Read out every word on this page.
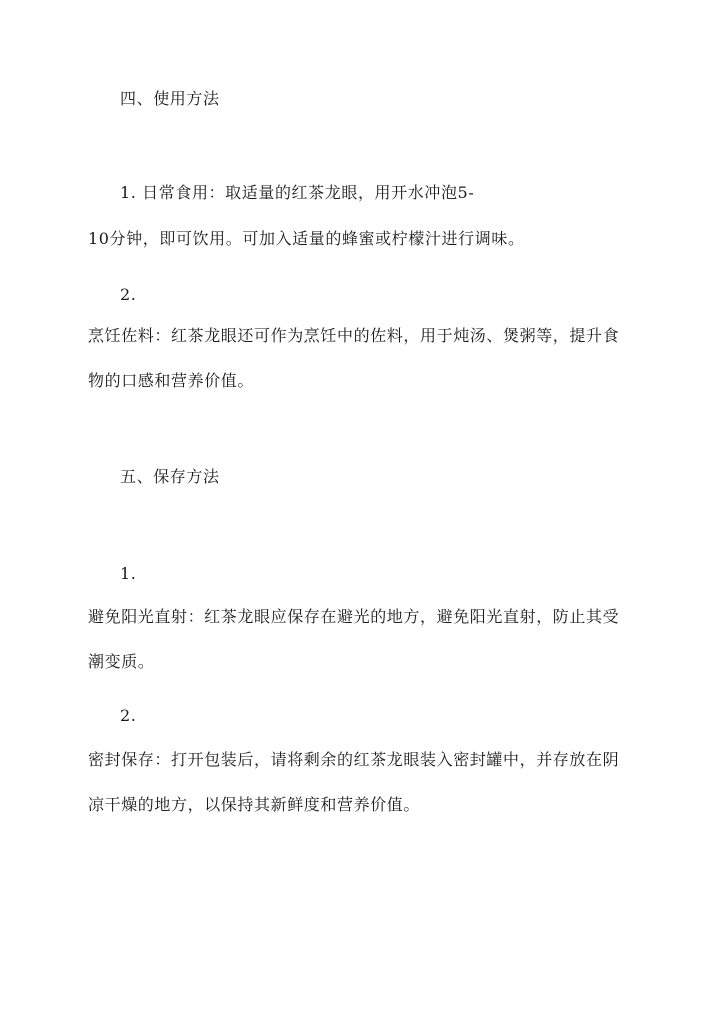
四、使用方法
1. 日常食用：取适量的红茶龙眼，用开水冲泡5-
10分钟，即可饮用。可加入适量的蜂蜜或柠檬汁进行调味。
2.
烹饪佐料：红茶龙眼还可作为烹饪中的佐料，用于炖汤、煲粥等，提升食
物的口感和营养价值。
五、保存方法
1.
避免阳光直射：红茶龙眼应保存在避光的地方，避免阳光直射，防止其受
潮变质。
2.
密封保存：打开包装后，请将剩余的红茶龙眼装入密封罐中，并存放在阴
凉干燥的地方，以保持其新鲜度和营养价值。
